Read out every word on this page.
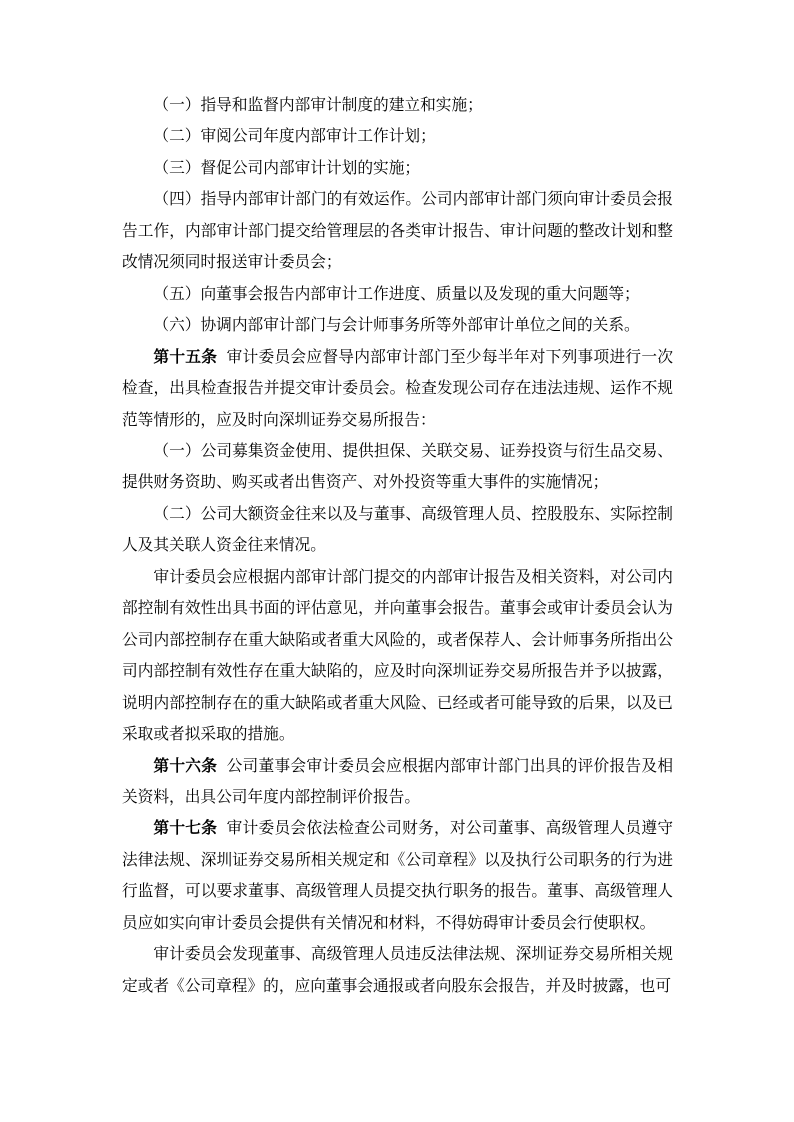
（一）指导和监督内部审计制度的建立和实施；

（二）审阅公司年度内部审计工作计划；

（三）督促公司内部审计计划的实施；

（四）指导内部审计部门的有效运作。公司内部审计部门须向审计委员会报告工作，内部审计部门提交给管理层的各类审计报告、审计问题的整改计划和整改情况须同时报送审计委员会；

（五）向董事会报告内部审计工作进度、质量以及发现的重大问题等；

（六）协调内部审计部门与会计师事务所等外部审计单位之间的关系。

第十五条 审计委员会应督导内部审计部门至少每半年对下列事项进行一次检查，出具检查报告并提交审计委员会。检查发现公司存在违法违规、运作不规范等情形的，应及时向深圳证券交易所报告：

（一）公司募集资金使用、提供担保、关联交易、证券投资与衍生品交易、提供财务资助、购买或者出售资产、对外投资等重大事件的实施情况；

（二）公司大额资金往来以及与董事、高级管理人员、控股股东、实际控制人及其关联人资金往来情况。

审计委员会应根据内部审计部门提交的内部审计报告及相关资料，对公司内部控制有效性出具书面的评估意见，并向董事会报告。董事会或审计委员会认为公司内部控制存在重大缺陷或者重大风险的，或者保荐人、会计师事务所指出公司内部控制有效性存在重大缺陷的，应及时向深圳证券交易所报告并予以披露，说明内部控制存在的重大缺陷或者重大风险、已经或者可能导致的后果，以及已采取或者拟采取的措施。

第十六条 公司董事会审计委员会应根据内部审计部门出具的评价报告及相关资料，出具公司年度内部控制评价报告。

第十七条 审计委员会依法检查公司财务，对公司董事、高级管理人员遵守法律法规、深圳证券交易所相关规定和《公司章程》以及执行公司职务的行为进行监督，可以要求董事、高级管理人员提交执行职务的报告。董事、高级管理人员应如实向审计委员会提供有关情况和材料，不得妨碍审计委员会行使职权。

审计委员会发现董事、高级管理人员违反法律法规、深圳证券交易所相关规定或者《公司章程》的，应向董事会通报或者向股东会报告，并及时披露，也可
